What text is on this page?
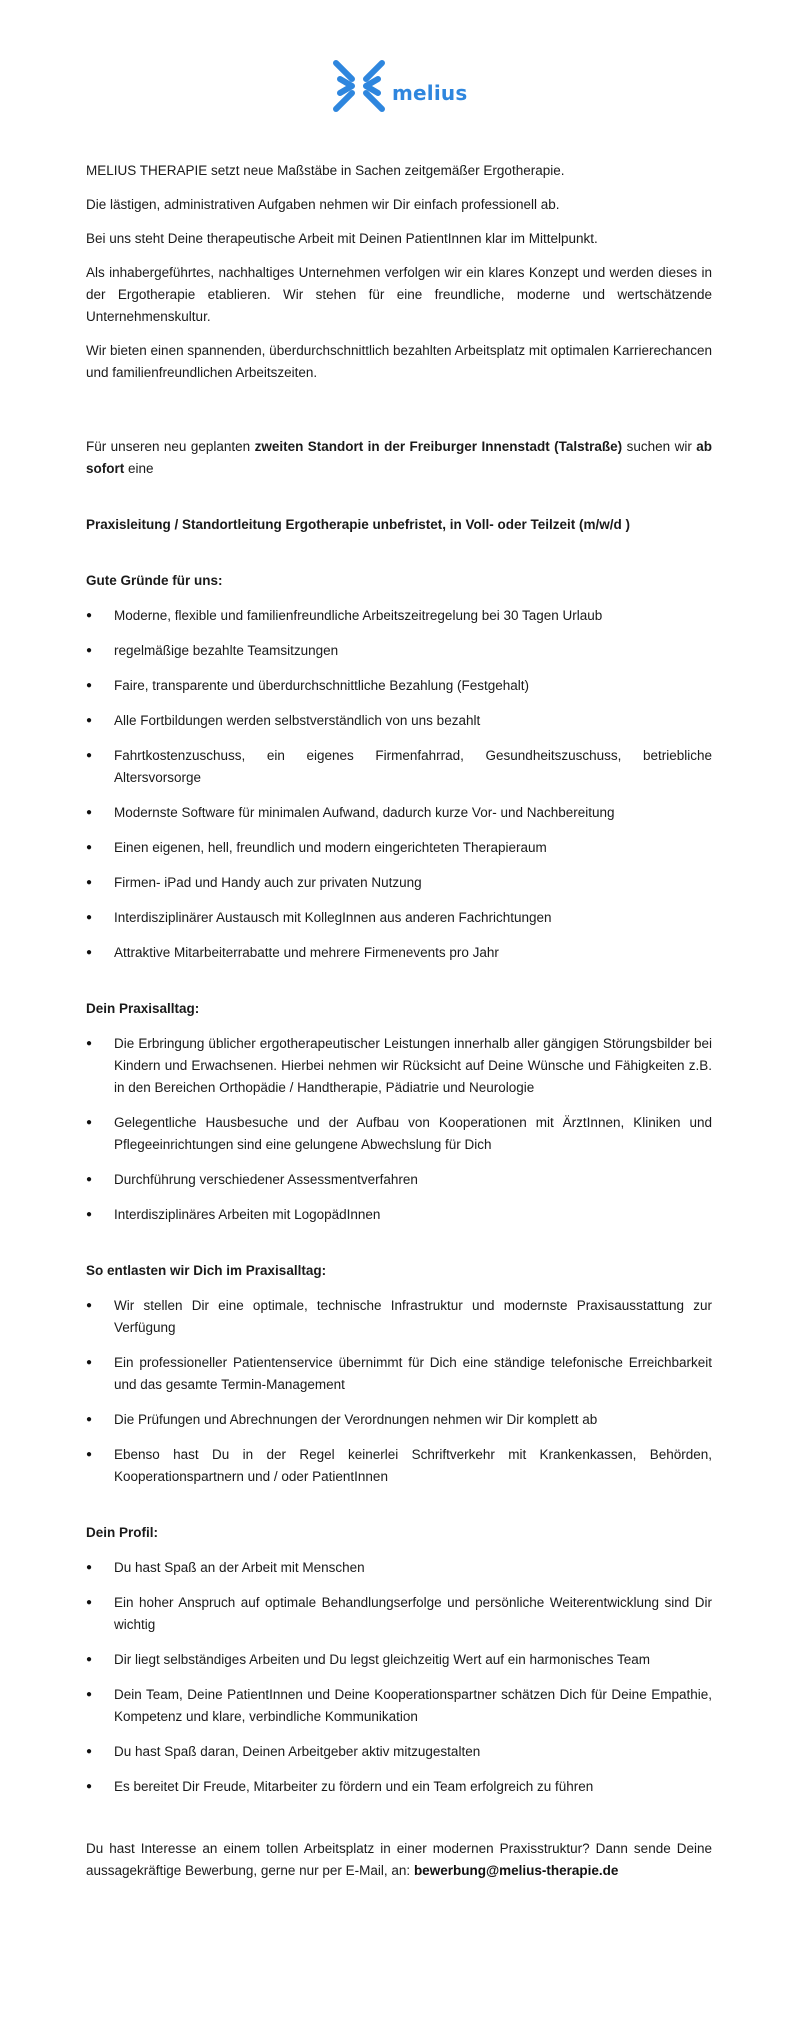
melius

MELIUS THERAPIE setzt neue Maßstäbe in Sachen zeitgemäßer Ergotherapie.

Die lästigen, administrativen Aufgaben nehmen wir Dir einfach professionell ab.

Bei uns steht Deine therapeutische Arbeit mit Deinen PatientInnen klar im Mittelpunkt.

Als inhabergeführtes, nachhaltiges Unternehmen verfolgen wir ein klares Konzept und werden dieses in der Ergotherapie etablieren. Wir stehen für eine freundliche, moderne und wertschätzende Unternehmenskultur.

Wir bieten einen spannenden, überdurchschnittlich bezahlten Arbeitsplatz mit optimalen Karrierechancen und familienfreundlichen Arbeitszeiten.

Für unseren neu geplanten zweiten Standort in der Freiburger Innenstadt (Talstraße) suchen wir ab sofort eine

Praxisleitung / Standortleitung Ergotherapie unbefristet, in Voll- oder Teilzeit (m/w/d )

Gute Gründe für uns:

● Moderne, flexible und familienfreundliche Arbeitszeitregelung bei 30 Tagen Urlaub
● regelmäßige bezahlte Teamsitzungen
● Faire, transparente und überdurchschnittliche Bezahlung (Festgehalt)
● Alle Fortbildungen werden selbstverständlich von uns bezahlt
● Fahrtkostenzuschuss, ein eigenes Firmenfahrrad, Gesundheitszuschuss, betriebliche Altersvorsorge
● Modernste Software für minimalen Aufwand, dadurch kurze Vor- und Nachbereitung
● Einen eigenen, hell, freundlich und modern eingerichteten Therapieraum
● Firmen- iPad und Handy auch zur privaten Nutzung
● Interdisziplinärer Austausch mit KollegInnen aus anderen Fachrichtungen
● Attraktive Mitarbeiterrabatte und mehrere Firmenevents pro Jahr

Dein Praxisalltag:

● Die Erbringung üblicher ergotherapeutischer Leistungen innerhalb aller gängigen Störungsbilder bei Kindern und Erwachsenen. Hierbei nehmen wir Rücksicht auf Deine Wünsche und Fähigkeiten z.B. in den Bereichen Orthopädie / Handtherapie, Pädiatrie und Neurologie
● Gelegentliche Hausbesuche und der Aufbau von Kooperationen mit ÄrztInnen, Kliniken und Pflegeeinrichtungen sind eine gelungene Abwechslung für Dich
● Durchführung verschiedener Assessmentverfahren
● Interdisziplinäres Arbeiten mit LogopädInnen

So entlasten wir Dich im Praxisalltag:

● Wir stellen Dir eine optimale, technische Infrastruktur und modernste Praxisausstattung zur Verfügung
● Ein professioneller Patientenservice übernimmt für Dich eine ständige telefonische Erreichbarkeit und das gesamte Termin-Management
● Die Prüfungen und Abrechnungen der Verordnungen nehmen wir Dir komplett ab
● Ebenso hast Du in der Regel keinerlei Schriftverkehr mit Krankenkassen, Behörden, Kooperationspartnern und / oder PatientInnen

Dein Profil:

● Du hast Spaß an der Arbeit mit Menschen
● Ein hoher Anspruch auf optimale Behandlungserfolge und persönliche Weiterentwicklung sind Dir wichtig
● Dir liegt selbständiges Arbeiten und Du legst gleichzeitig Wert auf ein harmonisches Team
● Dein Team, Deine PatientInnen und Deine Kooperationspartner schätzen Dich für Deine Empathie, Kompetenz und klare, verbindliche Kommunikation
● Du hast Spaß daran, Deinen Arbeitgeber aktiv mitzugestalten
● Es bereitet Dir Freude, Mitarbeiter zu fördern und ein Team erfolgreich zu führen

Du hast Interesse an einem tollen Arbeitsplatz in einer modernen Praxisstruktur? Dann sende Deine aussagekräftige Bewerbung, gerne nur per E-Mail, an: bewerbung@melius-therapie.de
